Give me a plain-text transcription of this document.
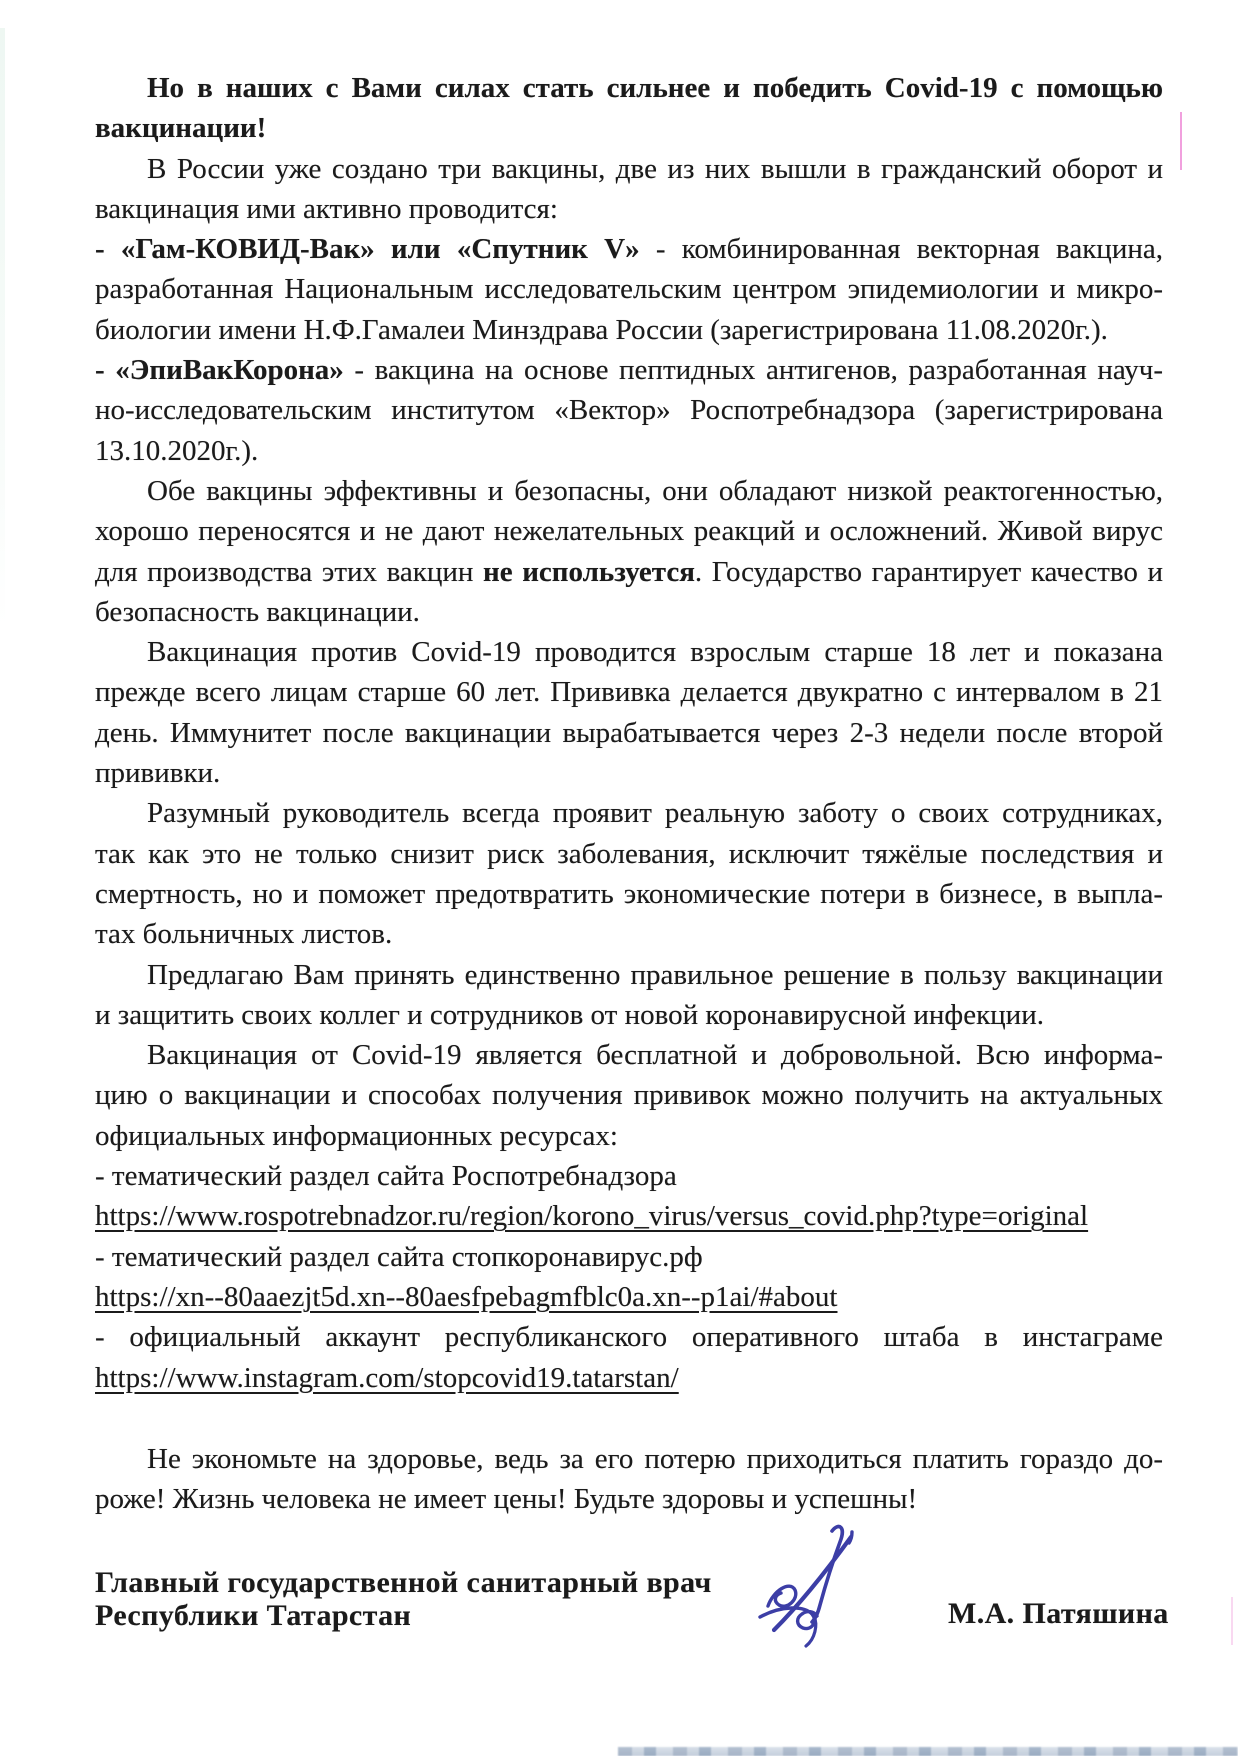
Но в наших с Вами силах стать сильнее и победить Covid-19 с помощью

вакцинации!

В России уже создано три вакцины, две из них вышли в гражданский оборот и

вакцинация ими активно проводится:

- «Гам-КОВИД-Вак» или «Спутник V» - комбинированная векторная вакцина,

разработанная Национальным исследовательским центром эпидемиологии и микро-

биологии имени Н.Ф.Гамалеи Минздрава России (зарегистрирована 11.08.2020г.).

- «ЭпиВакКорона» - вакцина на основе пептидных антигенов, разработанная науч-

но-исследовательским институтом «Вектор» Роспотребнадзора (зарегистрирована

13.10.2020г.).

Обе вакцины эффективны и безопасны, они обладают низкой реактогенностью,

хорошо переносятся и не дают нежелательных реакций и осложнений. Живой вирус

для производства этих вакцин не используется. Государство гарантирует качество и

безопасность вакцинации.

Вакцинация против Covid-19 проводится взрослым старше 18 лет и показана

прежде всего лицам старше 60 лет. Прививка делается двукратно с интервалом в 21

день. Иммунитет после вакцинации вырабатывается через 2-3 недели после второй

прививки.

Разумный руководитель всегда проявит реальную заботу о своих сотрудниках,

так как это не только снизит риск заболевания, исключит тяжёлые последствия и

смертность, но и поможет предотвратить экономические потери в бизнесе, в выпла-

тах больничных листов.

Предлагаю Вам принять единственно правильное решение в пользу вакцинации

и защитить своих коллег и сотрудников от новой коронавирусной инфекции.

Вакцинация от Covid-19 является бесплатной и добровольной. Всю информа-

цию о вакцинации и способах получения прививок можно получить на актуальных

официальных информационных ресурсах:

- тематический раздел сайта Роспотребнадзора

https://www.rospotrebnadzor.ru/region/korono_virus/versus_covid.php?type=original

- тематический раздел сайта стопкоронавирус.рф

https://xn--80aaezjt5d.xn--80aesfpebagmfblc0a.xn--p1ai/#about

- официальный аккаунт республиканского оперативного штаба в инстаграме

https://www.instagram.com/stopcovid19.tatarstan/

Не экономьте на здоровье, ведь за его потерю приходиться платить гораздо до-

роже! Жизнь человека не имеет цены! Будьте здоровы и успешны!

Главный государственной санитарный врач
Республики Татарстан	М.А. Патяшина
